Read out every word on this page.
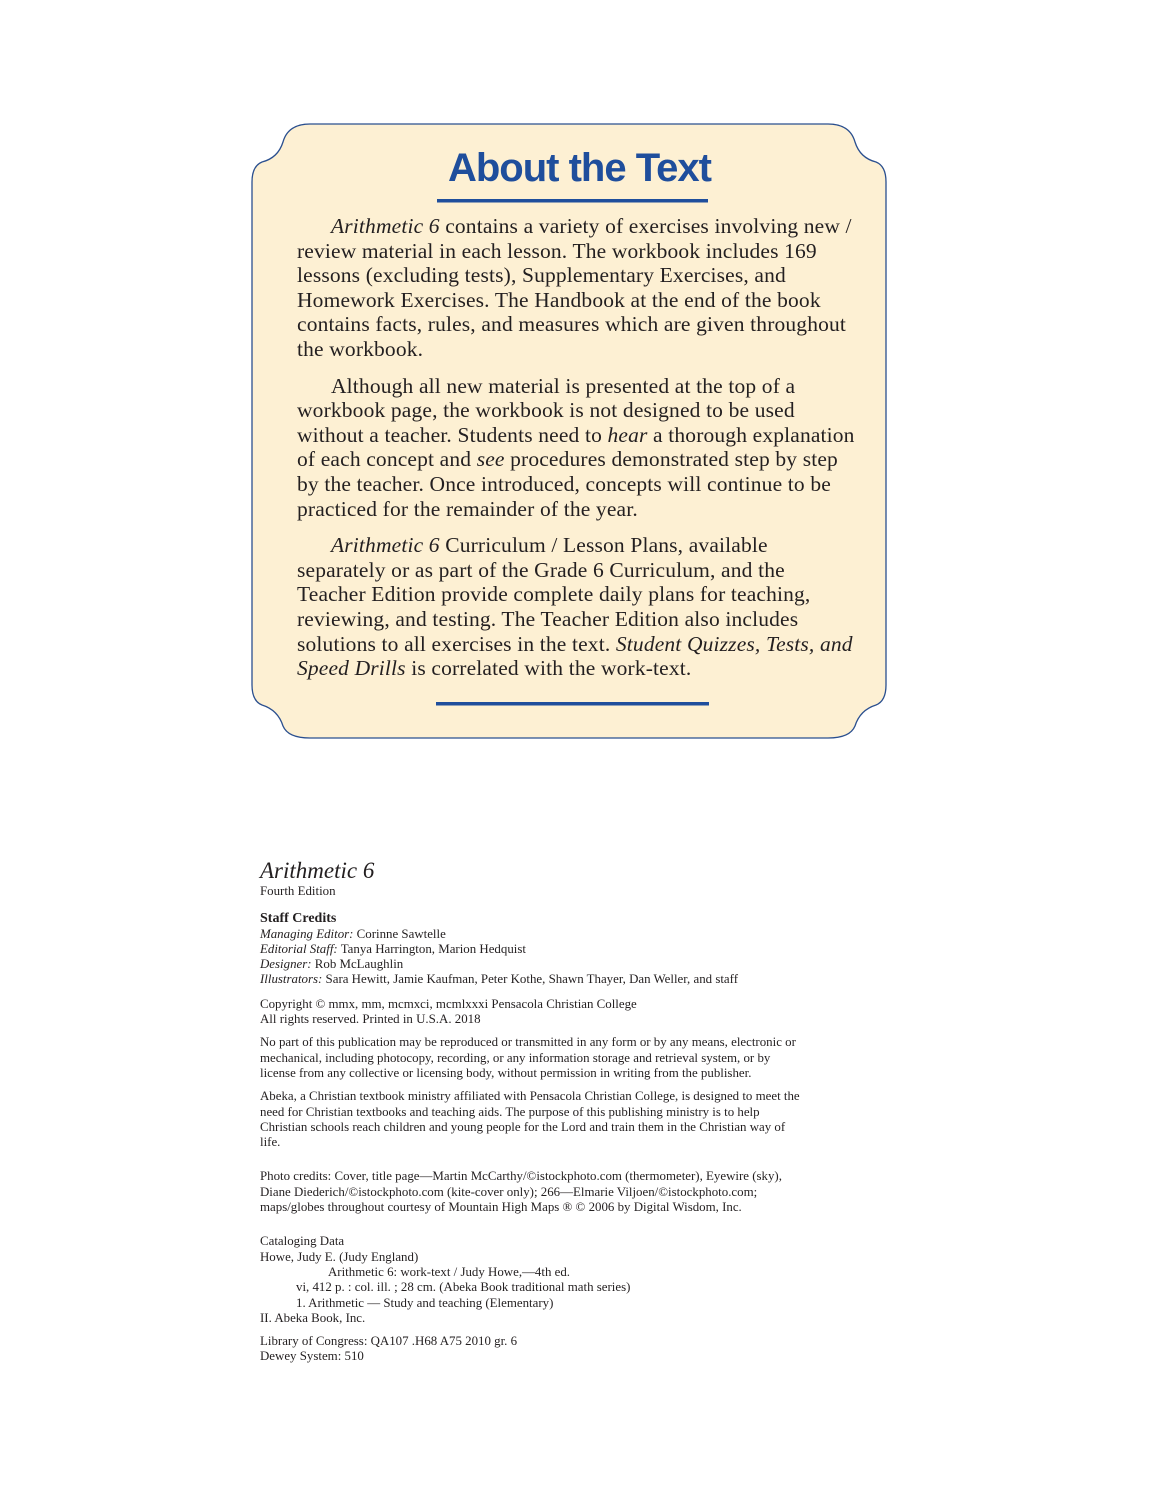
About the Text

Arithmetic 6 contains a variety of exercises involving new / review material in each lesson. The workbook includes 169 lessons (excluding tests), Supplementary Exercises, and Homework Exercises. The Handbook at the end of the book contains facts, rules, and measures which are given throughout the workbook.

Although all new material is presented at the top of a workbook page, the workbook is not designed to be used without a teacher. Students need to hear a thorough explanation of each concept and see procedures demonstrated step by step by the teacher. Once introduced, concepts will continue to be practiced for the remainder of the year.

Arithmetic 6 Curriculum / Lesson Plans, available separately or as part of the Grade 6 Curriculum, and the Teacher Edition provide complete daily plans for teaching, reviewing, and testing. The Teacher Edition also includes solutions to all exercises in the text. Student Quizzes, Tests, and Speed Drills is correlated with the work-text.

Arithmetic 6
Fourth Edition
Staff Credits
Managing Editor: Corinne Sawtelle
Editorial Staff: Tanya Harrington, Marion Hedquist
Designer: Rob McLaughlin
Illustrators: Sara Hewitt, Jamie Kaufman, Peter Kothe, Shawn Thayer, Dan Weller, and staff
Copyright © mmx, mm, mcmxci, mcmlxxxi Pensacola Christian College
All rights reserved. Printed in U.S.A. 2018
No part of this publication may be reproduced or transmitted in any form or by any means, electronic or mechanical, including photocopy, recording, or any information storage and retrieval system, or by license from any collective or licensing body, without permission in writing from the publisher.
Abeka, a Christian textbook ministry affiliated with Pensacola Christian College, is designed to meet the need for Christian textbooks and teaching aids. The purpose of this publishing ministry is to help Christian schools reach children and young people for the Lord and train them in the Christian way of life.
Photo credits: Cover, title page—Martin McCarthy/©istockphoto.com (thermometer), Eyewire (sky), Diane Diederich/©istockphoto.com (kite-cover only); 266—Elmarie Viljoen/©istockphoto.com; maps/globes throughout courtesy of Mountain High Maps ® © 2006 by Digital Wisdom, Inc.
Cataloging Data
Howe, Judy E. (Judy England)
Arithmetic 6: work-text / Judy Howe,—4th ed.
vi, 412 p. : col. ill. ; 28 cm. (Abeka Book traditional math series)
1. Arithmetic — Study and teaching (Elementary)
II. Abeka Book, Inc.
Library of Congress: QA107 .H68 A75 2010 gr. 6
Dewey System: 510
